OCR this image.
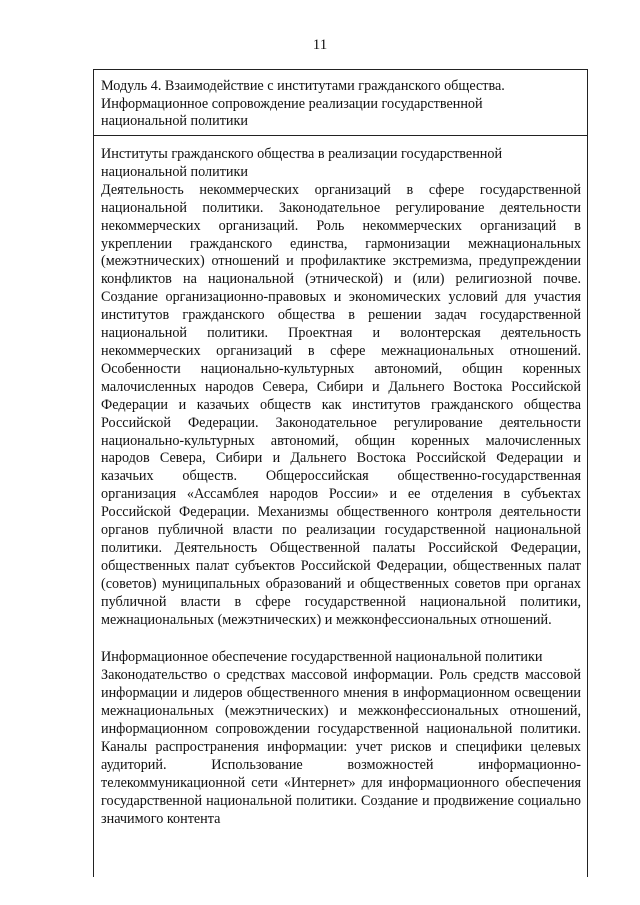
11
Модуль 4. Взаимодействие с институтами гражданского общества.
Информационное сопровождение реализации государственной
национальной политики
Институты гражданского общества в реализации государственной национальной политики
Деятельность некоммерческих организаций в сфере государственной национальной политики. Законодательное регулирование деятельности некоммерческих организаций. Роль некоммерческих организаций в укреплении гражданского единства, гармонизации межнациональных (межэтнических) отношений и профилактике экстремизма, предупреждении конфликтов на национальной (этнической) и (или) религиозной почве. Создание организационно-правовых и экономических условий для участия институтов гражданского общества в решении задач государственной национальной политики. Проектная и волонтерская деятельность некоммерческих организаций в сфере межнациональных отношений. Особенности национально-культурных автономий, общин коренных малочисленных народов Севера, Сибири и Дальнего Востока Российской Федерации и казачьих обществ как институтов гражданского общества Российской Федерации. Законодательное регулирование деятельности национально-культурных автономий, общин коренных малочисленных народов Севера, Сибири и Дальнего Востока Российской Федерации и казачьих обществ. Общероссийская общественно-государственная организация «Ассамблея народов России» и ее отделения в субъектах Российской Федерации. Механизмы общественного контроля деятельности органов публичной власти по реализации государственной национальной политики. Деятельность Общественной палаты Российской Федерации, общественных палат субъектов Российской Федерации, общественных палат (советов) муниципальных образований и общественных советов при органах публичной власти в сфере государственной национальной политики, межнациональных (межэтнических) и межконфессиональных отношений.
Информационное обеспечение государственной национальной политики
Законодательство о средствах массовой информации. Роль средств массовой информации и лидеров общественного мнения в информационном освещении межнациональных (межэтнических) и межконфессиональных отношений, информационном сопровождении государственной национальной политики. Каналы распространения информации: учет рисков и специфики целевых аудиторий. Использование возможностей информационно-телекоммуникационной сети «Интернет» для информационного обеспечения государственной национальной политики. Создание и продвижение социально значимого контента
